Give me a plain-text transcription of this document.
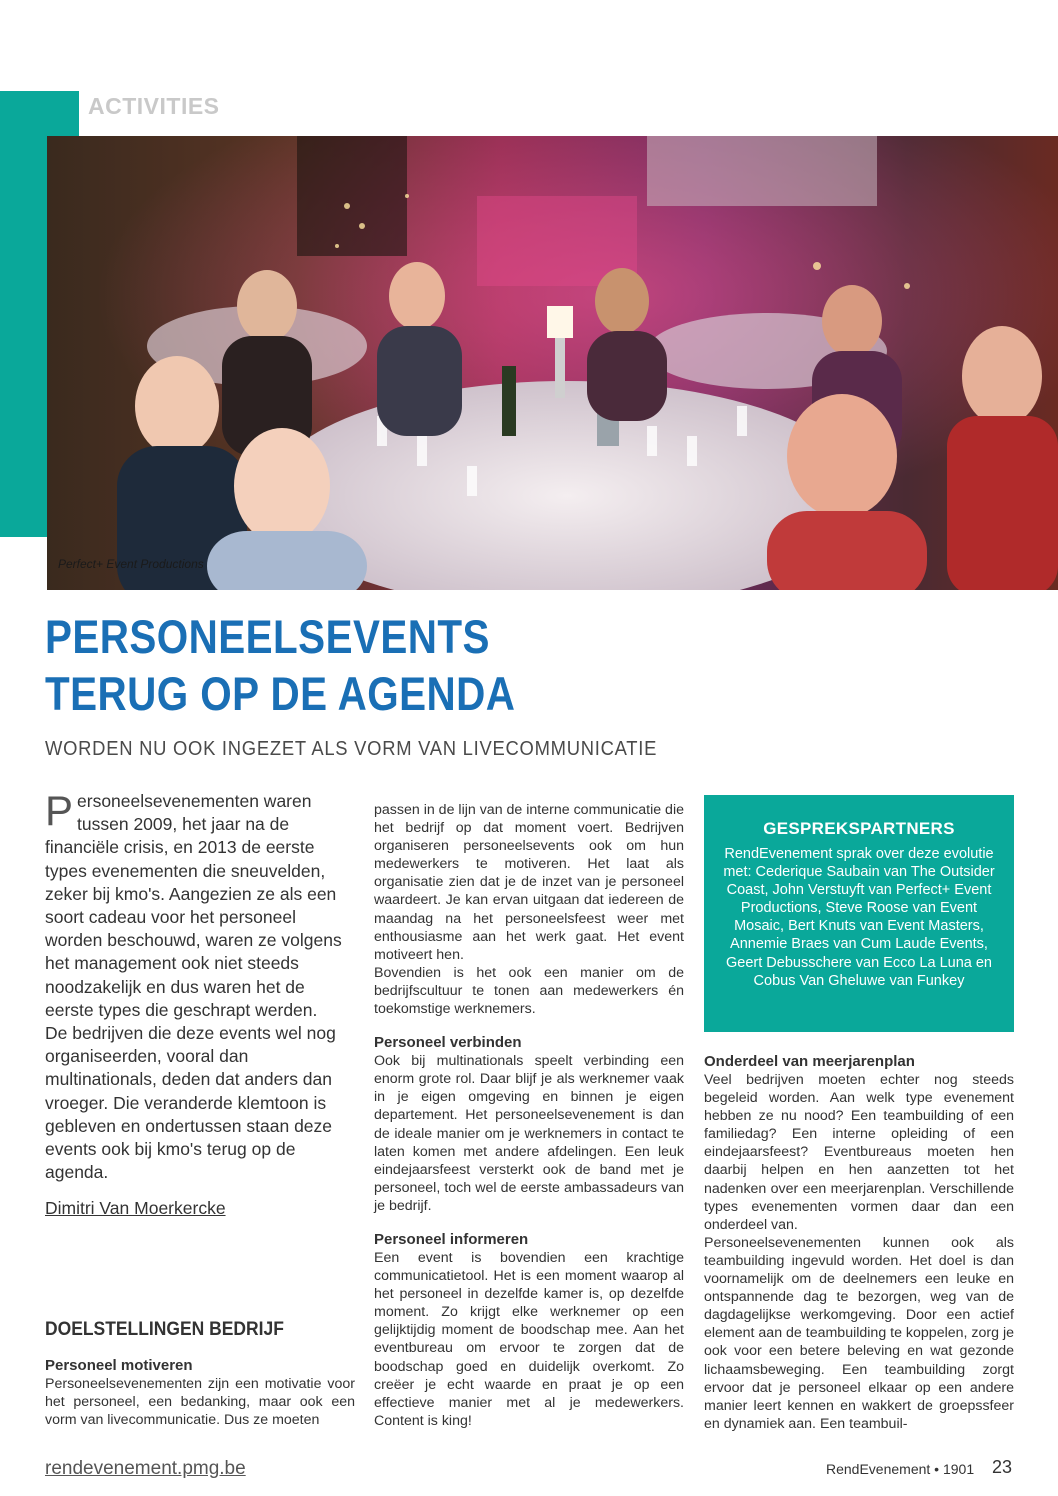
ACTIVITIES
Perfect+ Event Productions
PERSONEELSEVENTS
TERUG OP DE AGENDA
WORDEN NU OOK INGEZET ALS VORM VAN LIVECOMMUNICATIE

Personeelsevenementen waren tussen 2009, het jaar na de financiële crisis, en 2013 de eerste types evenementen die sneuvelden, zeker bij kmo's. Aangezien ze als een soort cadeau voor het personeel worden beschouwd, waren ze volgens het management ook niet steeds noodzakelijk en dus waren het de eerste types die geschrapt werden.

De bedrijven die deze events wel nog organiseerden, vooral dan multinationals, deden dat anders dan vroeger. Die veranderde klemtoon is gebleven en ondertussen staan deze events ook bij kmo's terug op de agenda.

Dimitri Van Moerkercke
DOELSTELLINGEN BEDRIJF
Personeel motiveren

Personeelsevenementen zijn een motivatie voor het personeel, een bedanking, maar ook een vorm van livecommunicatie. Dus ze moeten

passen in de lijn van de interne communicatie die het bedrijf op dat moment voert. Bedrijven organiseren personeelsevents ook om hun medewerkers te motiveren. Het laat als organisatie zien dat je de inzet van je personeel waardeert. Je kan ervan uitgaan dat iedereen de maandag na het personeelsfeest weer met enthousiasme aan het werk gaat. Het event motiveert hen.

Bovendien is het ook een manier om de bedrijfscultuur te tonen aan medewerkers én toekomstige werknemers.

Personeel verbinden

Ook bij multinationals speelt verbinding een enorm grote rol. Daar blijf je als werknemer vaak in je eigen omgeving en binnen je eigen departement. Het personeelsevenement is dan de ideale manier om je werknemers in contact te laten komen met andere afdelingen. Een leuk eindejaarsfeest versterkt ook de band met je personeel, toch wel de eerste ambassadeurs van je bedrijf.

Personeel informeren

Een event is bovendien een krachtige communicatietool. Het is een moment waarop al het personeel in dezelfde kamer is, op dezelfde moment. Zo krijgt elke werknemer op een gelijktijdig moment de boodschap mee. Aan het eventbureau om ervoor te zorgen dat de boodschap goed en duidelijk overkomt. Zo creëer je echt waarde en praat je op een effectieve manier met al je medewerkers. Content is king!

GESPREKSPARTNERS

RendEvenement sprak over deze evolutie met: Cederique Saubain van The Outsider Coast, John Verstuyft van Perfect+ Event Productions, Steve Roose van Event Mosaic, Bert Knuts van Event Masters, Annemie Braes van Cum Laude Events, Geert Debusschere van Ecco La Luna en Cobus Van Gheluwe van Funkey

Onderdeel van meerjarenplan

Veel bedrijven moeten echter nog steeds begeleid worden. Aan welk type evenement hebben ze nu nood? Een teambuilding of een familiedag? Een interne opleiding of een eindejaarsfeest? Eventbureaus moeten hen daarbij helpen en hen aanzetten tot het nadenken over een meerjarenplan. Verschillende types evenementen vormen daar dan een onderdeel van.

Personeelsevenementen kunnen ook als teambuilding ingevuld worden. Het doel is dan voornamelijk om de deelnemers een leuke en ontspannende dag te bezorgen, weg van de dagdagelijkse werkomgeving. Door een actief element aan de teambuilding te koppelen, zorg je ook voor een betere beleving en wat gezonde lichaamsbeweging. Een teambuilding zorgt ervoor dat je personeel elkaar op een andere manier leert kennen en wakkert de groepssfeer en dynamiek aan. Een teambuil-

rendevenement.pmg.be	RendEvenement • 1901 23
